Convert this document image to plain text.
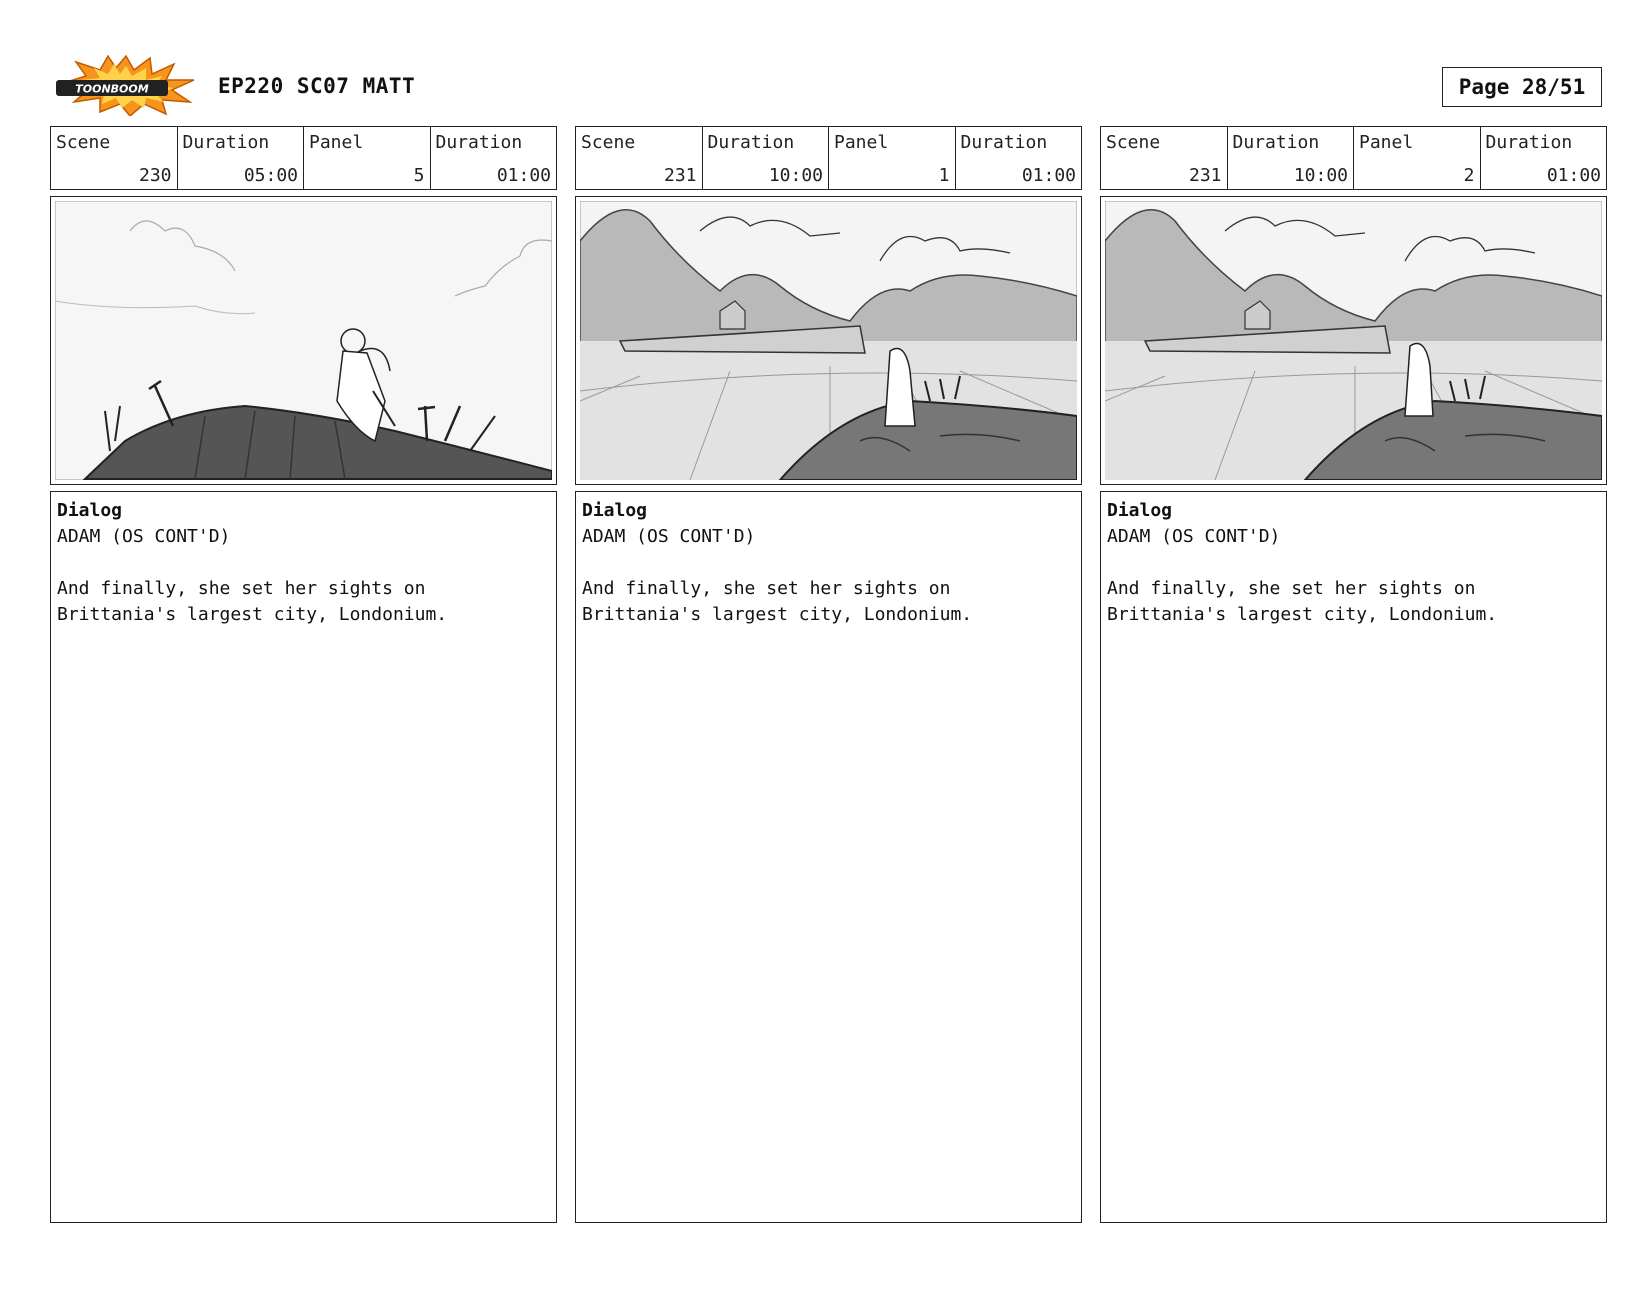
TOONBOOM	EP220 SC07 MATT	Page 28/51
Scene
230
Duration
05:00
Panel
5
Duration
01:00
Dialog
ADAM (OS CONT'D)
And finally, she set her sights on
Brittania's largest city, Londonium.
Scene
231
Duration
10:00
Panel
1
Duration
01:00
Dialog
ADAM (OS CONT'D)
And finally, she set her sights on
Brittania's largest city, Londonium.
Scene
231
Duration
10:00
Panel
2
Duration
01:00
Dialog
ADAM (OS CONT'D)
And finally, she set her sights on
Brittania's largest city, Londonium.
